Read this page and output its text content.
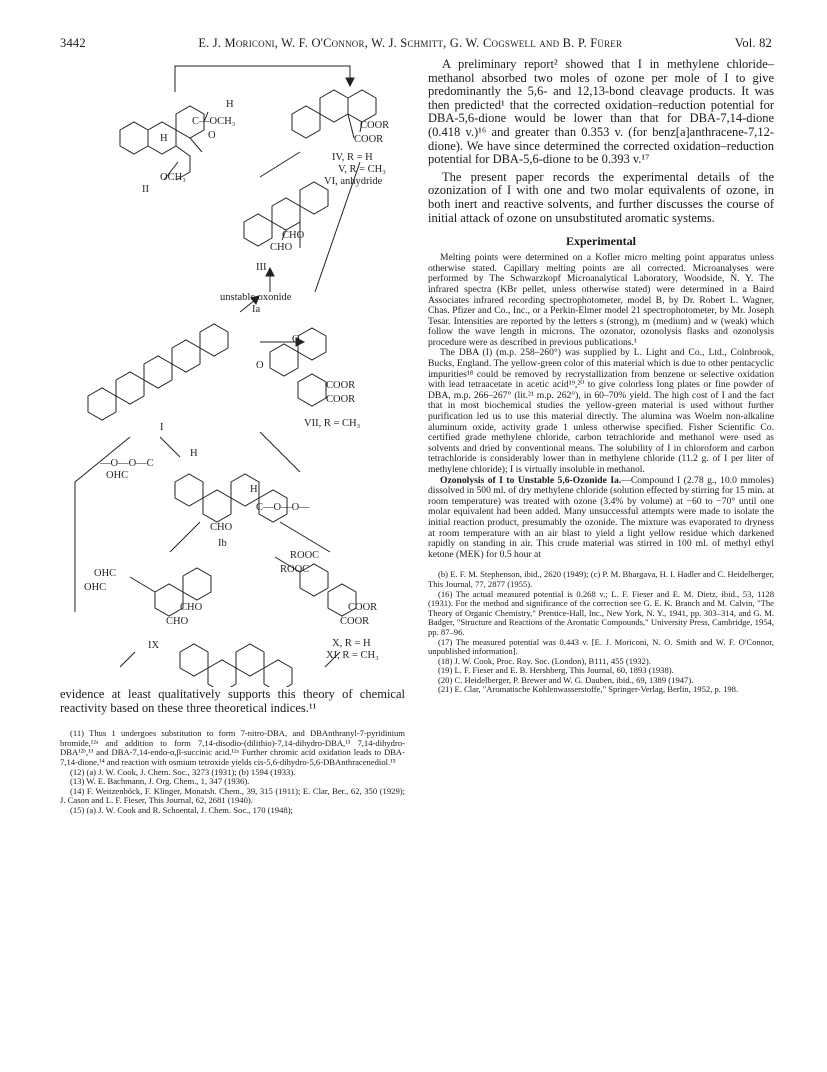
3442	E. J. Moriconi, W. F. O'Connor, W. J. Schmitt, G. W. Cogswell and B. P. Fürer	Vol. 82
H
C—OCH₃
O
H
OCH₃
II
COOR
COOR
IV, R = H
V, R = CH₃
VI, anhydride
CHO
CHO
III
unstable oxonide
Ia
I
O
O
COOR
COOR
VII, R = CH₃
—O—O—C
H
OHC
H
C—O—O—
CHO
Ib
OHC
OHC
CHO
CHO
IX
ROOC
ROOC
COOR
COOR
X, R = H
XI, R = CH₃

evidence at least qualitatively supports this theory of chemical reactivity based on these three theoretical indices.¹¹

(11) Thus 1 undergoes substitution to form 7-nitro-DBA, and DBAnthranyl-7-pyridinium bromide,¹²ᵃ and addition to form 7,14-disodio-(dilithio)-7,14-dihydro-DBA,¹³ 7,14-dihydro-DBA¹²ᵇ,¹³ and DBA-7,14-endo-α,β-succinic acid.¹²ᵃ Further chromic acid oxidation leads to DBA-7,14-dione,¹⁴ and reaction with osmium tetroxide yields cis-5,6-dihydro-5,6-DBAnthracenediol.¹⁵
(12) (a) J. W. Cook, J. Chem. Soc., 3273 (1931); (b) 1594 (1933).
(13) W. E. Bachmann, J. Org. Chem., 1, 347 (1936).
(14) F. Weitzenböck, F. Klinger, Monatsh. Chem., 39, 315 (1911); E. Clar, Ber., 62, 350 (1929); J. Cason and L. F. Fieser, This Journal, 62, 2681 (1940).
(15) (a) J. W. Cook and R. Schoental, J. Chem. Soc., 170 (1948);

A preliminary report² showed that I in methylene chloride–methanol absorbed two moles of ozone per mole of I to give predominantly the 5,6- and 12,13-bond cleavage products. It was then predicted¹ that the corrected oxidation–reduction potential for DBA-5,6-dione would be lower than that for DBA-7,14-dione (0.418 v.)¹⁶ and greater than 0.353 v. (for benz[a]anthracene-7,12-dione). We have since determined the corrected oxidation–reduction potential for DBA-5,6-dione to be 0.393 v.¹⁷

The present paper records the experimental details of the ozonization of I with one and two molar equivalents of ozone, in both inert and reactive solvents, and further discusses the course of initial attack of ozone on unsubstituted aromatic systems.

Experimental

Melting points were determined on a Kofler micro melting point apparatus unless otherwise stated. Capillary melting points are all corrected. Microanalyses were performed by The Schwarzkopf Microanalytical Laboratory, Woodside, N. Y. The infrared spectra (KBr pellet, unless otherwise stated) were determined in a Baird Associates infrared recording spectrophotometer, model B, by Dr. Robert L. Wagner, Chas. Pfizer and Co., Inc., or a Perkin-Elmer model 21 spectrophotometer, by Mr. Joseph Tesar. Intensities are reported by the letters s (strong), m (medium) and w (weak) which follow the wave length in microns. The ozonator, ozonolysis flasks and ozonolysis procedure were as described in previous publications.¹

The DBA (I) (m.p. 258–260°) was supplied by L. Light and Co., Ltd., Colnbrook, Bucks, England. The yellow-green color of this material which is due to other pentacyclic impurities¹⁸ could be removed by recrystallization from benzene or selective oxidation with lead tetraacetate in acetic acid¹⁹,²⁰ to give colorless long plates or fine powder of DBA, m.p. 266–267° (lit.²¹ m.p. 262°), in 60–70% yield. The high cost of I and the fact that in most biochemical studies the yellow-green material is used without further purification led us to use this material directly. The alumina was Woelm non-alkaline aluminum oxide, activity grade 1 unless otherwise specified. Fisher Scientific Co. certified grade methylene chloride, carbon tetrachloride and methanol were used as solvents and dried by conventional means. The solubility of I in chloroform and carbon tetrachloride is considerably lower than in methylene chloride (11.2 g. of I per liter of methylene chloride); I is virtually insoluble in methanol.

Ozonolysis of I to Unstable 5,6-Ozonide Ia.—Compound I (2.78 g., 10.0 mmoles) dissolved in 500 ml. of dry methylene chloride (solution effected by stirring for 15 min. at room temperature) was treated with ozone (3.4% by volume) at −60 to −70° until one molar equivalent had been added. Many unsuccessful attempts were made to isolate the initial reaction product, presumably the ozonide. The mixture was evaporated to dryness at room temperature with an air blast to yield a light yellow residue which darkened rapidly on standing in air. This crude material was stirred in 100 ml. of methyl ethyl ketone (MEK) for 0.5 hour at

(b) E. F. M. Stephenson, ibid., 2620 (1949); (c) P. M. Bhargava, H. I. Hadler and C. Heidelberger, This Journal, 77, 2877 (1955).
(16) The actual measured potential is 0.268 v.; L. F. Fieser and E. M. Dietz, ibid., 53, 1128 (1931). For the method and significance of the correction see G. E. K. Branch and M. Calvin, "The Theory of Organic Chemistry," Prentice-Hall, Inc., New York, N. Y., 1941, pp. 303–314, and G. M. Badger, "Structure and Reactions of the Aromatic Compounds," University Press, Cambridge, 1954, pp. 87–96.
(17) The measured potential was 0.443 v. [E. J. Moriconi, N. O. Smith and W. F. O'Connor, unpublished information].
(18) J. W. Cook, Proc. Roy. Soc. (London), B111, 455 (1932).
(19) L. F. Fieser and E. B. Hershberg, This Journal, 60, 1893 (1938).
(20) C. Heidelberger, P. Brewer and W. G. Dauben, ibid., 69, 1389 (1947).
(21) E. Clar, "Aromatische Kohlenwasserstoffe," Springer-Verlag, Berlin, 1952, p. 198.
